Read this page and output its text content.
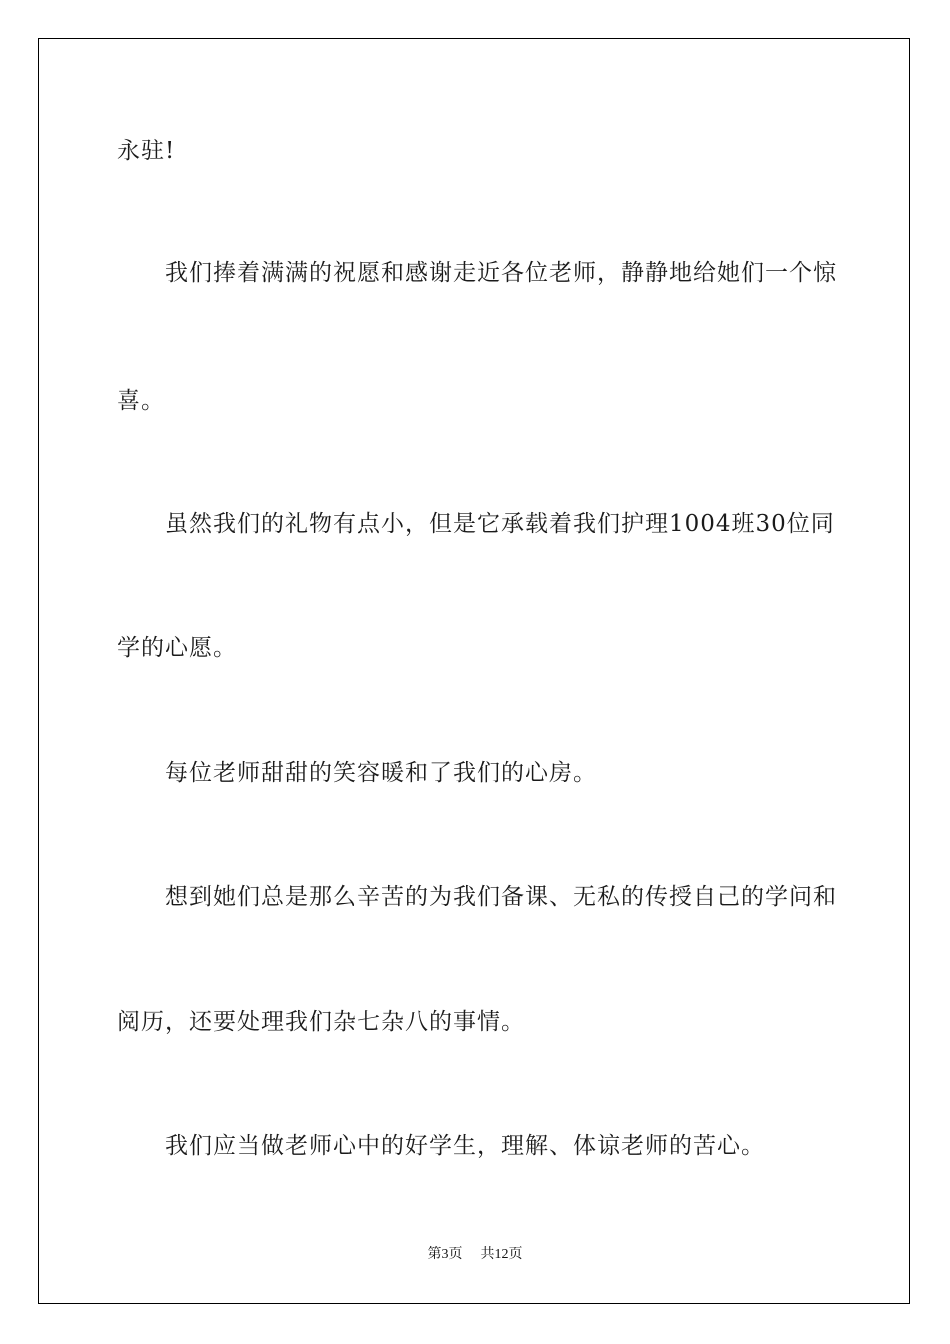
永驻!
我们捧着满满的祝愿和感谢走近各位老师，静静地给她们一个惊
喜。
虽然我们的礼物有点小，但是它承载着我们护理1004班30位同
学的心愿。
每位老师甜甜的笑容暖和了我们的心房。
想到她们总是那么辛苦的为我们备课、无私的传授自己的学问和
阅历，还要处理我们杂七杂八的事情。
我们应当做老师心中的好学生，理解、体谅老师的苦心。
第3页 共12页
